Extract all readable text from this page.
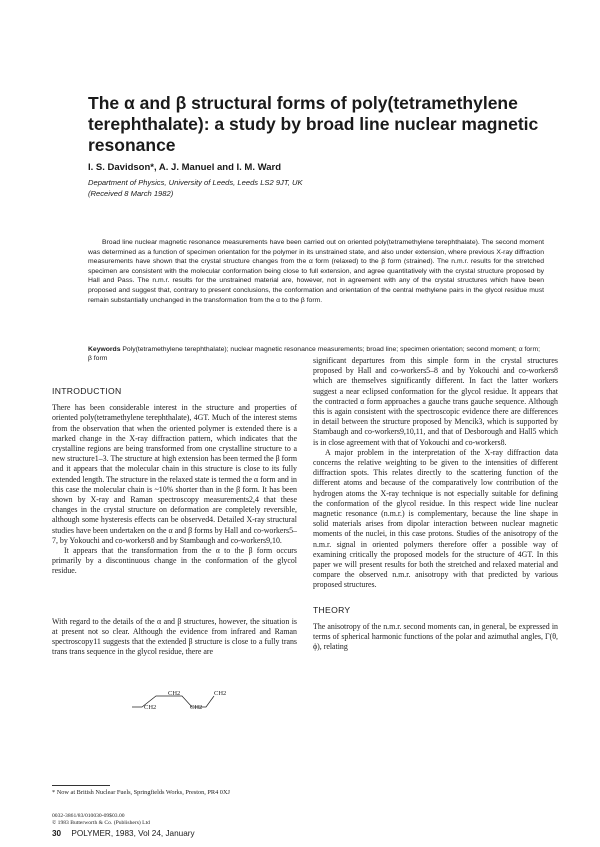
The α and β structural forms of poly(tetramethylene terephthalate): a study by broad line nuclear magnetic resonance
I. S. Davidson*, A. J. Manuel and I. M. Ward
Department of Physics, University of Leeds, Leeds LS2 9JT, UK
(Received 8 March 1982)

Broad line nuclear magnetic resonance measurements have been carried out on oriented poly(tetramethylene terephthalate). The second moment was determined as a function of specimen orientation for the polymer in its unstrained state, and also under extension, where previous X-ray diffraction measurements have shown that the crystal structure changes from the α form (relaxed) to the β form (strained). The n.m.r. results for the stretched specimen are consistent with the molecular conformation being close to full extension, and agree quantitatively with the crystal structure proposed by Hall and Pass. The n.m.r. results for the unstrained material are, however, not in agreement with any of the crystal structures which have been proposed and suggest that, contrary to present conclusions, the conformation and orientation of the central methylene pairs in the glycol residue must remain substantially unchanged in the transformation from the α to the β form.

Keywords Poly(tetramethylene terephthalate); nuclear magnetic resonance measurements; broad line; specimen orientation; second moment; α form; β form

INTRODUCTION

There has been considerable interest in the structure and properties of oriented poly(tetramethylene terephthalate), 4GT. Much of the interest stems from the observation that when the oriented polymer is extended there is a marked change in the X-ray diffraction pattern, which indicates that the crystalline regions are being transformed from one crystalline structure to a new structure1–3. The structure at high extension has been termed the β form and it appears that the molecular chain in this structure is close to its fully extended length. The structure in the relaxed state is termed the α form and in this case the molecular chain is ~10% shorter than in the β form. It has been shown by X-ray and Raman spectroscopy measurements2,4 that these changes in the crystal structure on deformation are completely reversible, although some hysteresis effects can be observed4. Detailed X-ray structural studies have been undertaken on the α and β forms by Hall and co-workers5–7, by Yokouchi and co-workers8 and by Stambaugh and co-workers9,10.

It appears that the transformation from the α to the β form occurs primarily by a discontinuous change in the conformation of the glycol residue.

With regard to the details of the α and β structures, however, the situation is at present not so clear. Although the evidence from infrared and Raman spectroscopy11 suggests that the extended β structure is close to a fully trans trans trans sequence in the glycol residue, there are

CH2	CH2
CH2	CH2

significant departures from this simple form in the crystal structures proposed by Hall and co-workers5–8 and by Yokouchi and co-workers8 which are themselves significantly different. In fact the latter workers suggest a near eclipsed conformation for the glycol residue. It appears that the contracted α form approaches a gauche trans gauche sequence. Although this is again consistent with the spectroscopic evidence there are differences in detail between the structure proposed by Mencik3, which is supported by Stambaugh and co-workers9,10,11, and that of Desborough and Hall5 which is in close agreement with that of Yokouchi and co-workers8.

A major problem in the interpretation of the X-ray diffraction data concerns the relative weighting to be given to the intensities of different diffraction spots. This relates directly to the scattering function of the different atoms and because of the comparatively low contribution of the hydrogen atoms the X-ray technique is not especially suitable for defining the conformation of the glycol residue. In this respect wide line nuclear magnetic resonance (n.m.r.) is complementary, because the line shape in solid materials arises from dipolar interaction between nuclear magnetic moments of the nuclei, in this case protons. Studies of the anisotropy of the n.m.r. signal in oriented polymers therefore offer a possible way of examining critically the proposed models for the structure of 4GT. In this paper we will present results for both the stretched and relaxed material and compare the observed n.m.r. anisotropy with that predicted by various proposed structures.

THEORY

The anisotropy of the n.m.r. second moments can, in general, be expressed in terms of spherical harmonic functions of the polar and azimuthal angles, Γ(θ, ϕ), relating

* Now at British Nuclear Fuels, Springfields Works, Preston, PR4 0XJ
0032-3861/83/010030-09$03.00
© 1983 Butterworth & Co. (Publishers) Ltd
30 POLYMER, 1983, Vol 24, January
